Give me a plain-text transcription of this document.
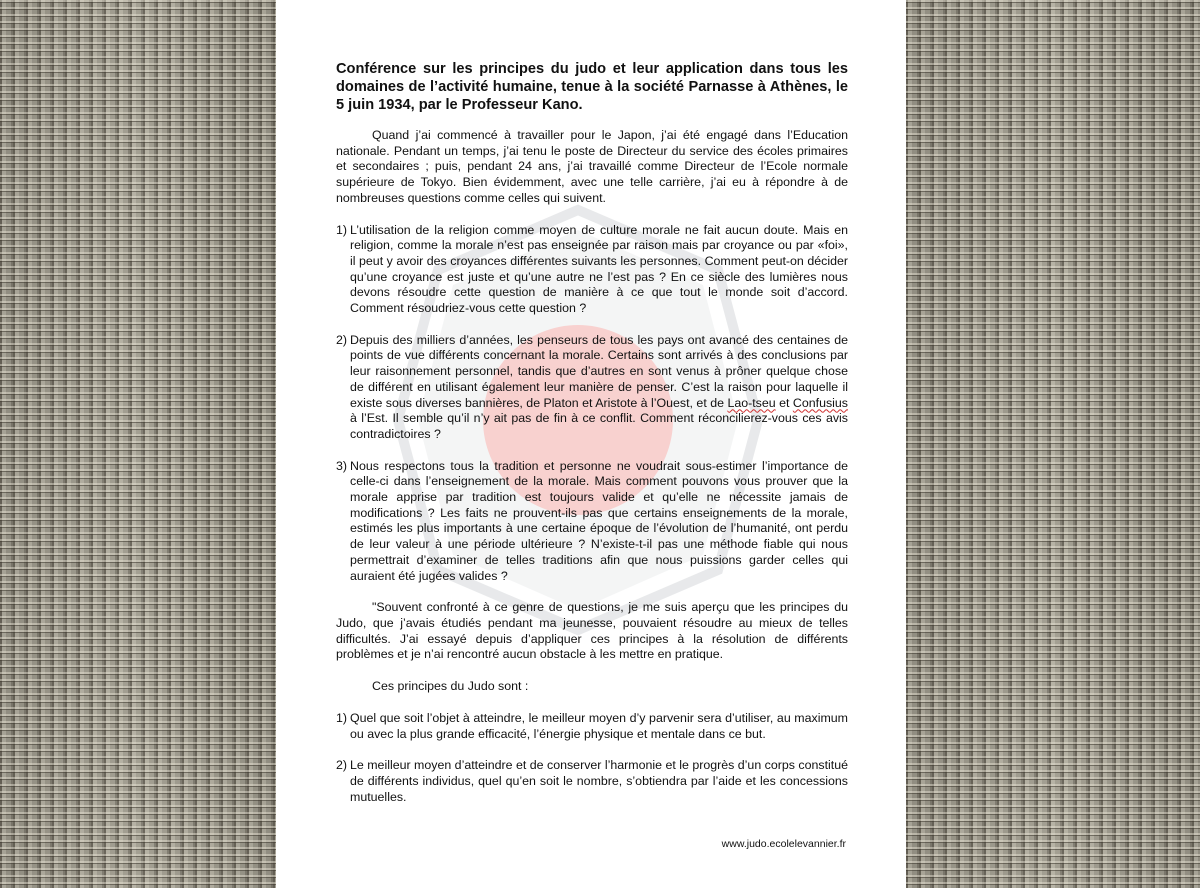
Conférence sur les principes du judo et leur application dans tous les domaines de l’activité humaine, tenue à la société Parnasse à Athènes, le 5 juin 1934, par le Professeur Kano.

Quand j’ai commencé à travailler pour le Japon, j’ai été engagé dans l’Education nationale. Pendant un temps, j’ai tenu le poste de Directeur du service des écoles primaires et secondaires ; puis, pendant 24 ans, j’ai travaillé comme Directeur de l’Ecole normale supérieure de Tokyo. Bien évidemment, avec une telle carrière, j’ai eu à répondre à de nombreuses questions comme celles qui suivent.

1) L’utilisation de la religion comme moyen de culture morale ne fait aucun doute. Mais en religion, comme la morale n’est pas enseignée par raison mais par croyance ou par «foi», il peut y avoir des croyances différentes suivants les personnes. Comment peut-on décider qu’une croyance est juste et qu’une autre ne l’est pas ? En ce siècle des lumières nous devons résoudre cette question de manière à ce que tout le monde soit d’accord. Comment résoudriez-vous cette question ?
2) Depuis des milliers d’années, les penseurs de tous les pays ont avancé des centaines de points de vue différents concernant la morale. Certains sont arrivés à des conclusions par leur raisonnement personnel, tandis que d’autres en sont venus à prôner quelque chose de différent en utilisant également leur manière de penser. C’est la raison pour laquelle il existe sous diverses bannières, de Platon et Aristote à l’Ouest, et de Lao-tseu et Confusius à l’Est. Il semble qu’il n’y ait pas de fin à ce conflit. Comment réconcilierez-vous ces avis contradictoires ?
3) Nous respectons tous la tradition et personne ne voudrait sous-estimer l’importance de celle-ci dans l’enseignement de la morale. Mais comment pouvons vous prouver que la morale apprise par tradition est toujours valide et qu’elle ne nécessite jamais de modifications ? Les faits ne prouvent-ils pas que certains enseignements de la morale, estimés les plus importants à une certaine époque de l’évolution de l’humanité, ont perdu de leur valeur à une période ultérieure ? N’existe-t-il pas une méthode fiable qui nous permettrait d’examiner de telles traditions afin que nous puissions garder celles qui auraient été jugées valides ?

"Souvent confronté à ce genre de questions, je me suis aperçu que les principes du Judo, que j’avais étudiés pendant ma jeunesse, pouvaient résoudre au mieux de telles difficultés. J’ai essayé depuis d’appliquer ces principes à la résolution de différents problèmes et je n’ai rencontré aucun obstacle à les mettre en pratique.

Ces principes du Judo sont :

1) Quel que soit l’objet à atteindre, le meilleur moyen d’y parvenir sera d’utiliser, au maximum ou avec la plus grande efficacité, l’énergie physique et mentale dans ce but.
2) Le meilleur moyen d’atteindre et de conserver l’harmonie et le progrès d’un corps constitué de différents individus, quel qu’en soit le nombre, s’obtiendra par l’aide et les concessions mutuelles.
www.judo.ecolelevannier.fr
